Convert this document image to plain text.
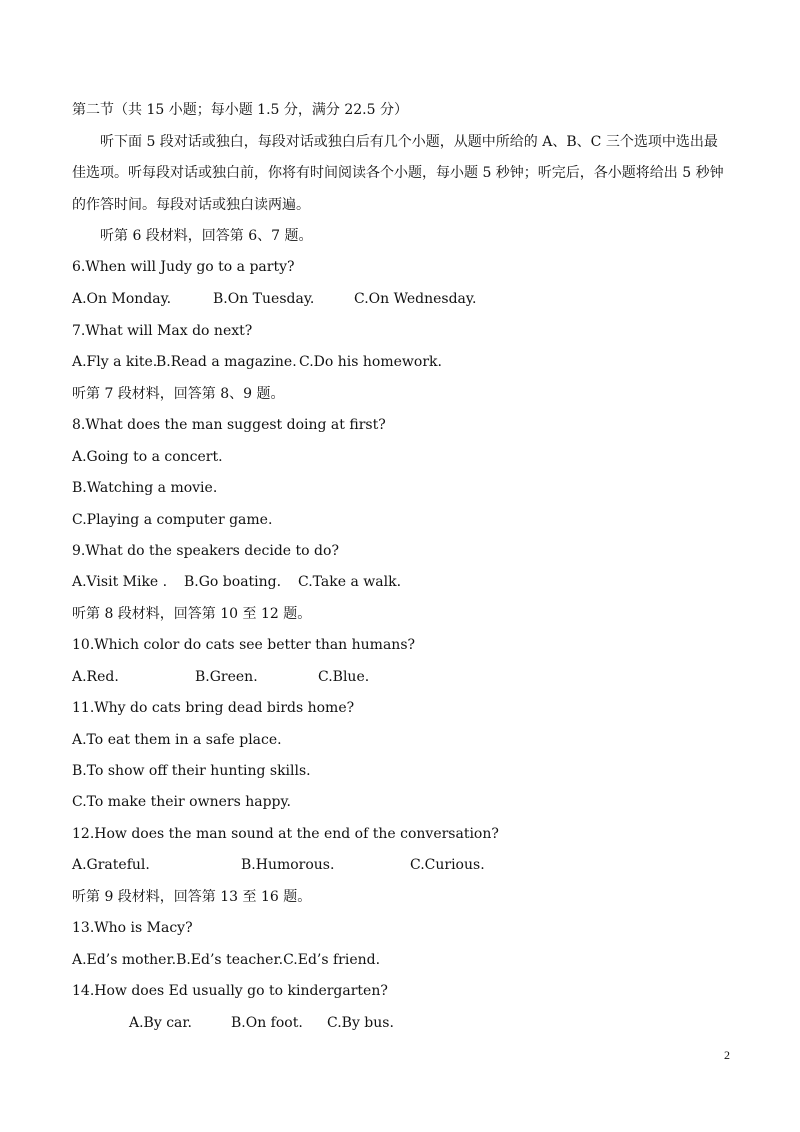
第二节（共 15 小题；每小题 1.5 分，满分 22.5 分）
听下面 5 段对话或独白，每段对话或独白后有几个小题，从题中所给的 A、B、C 三个选项中选出最
佳选项。听每段对话或独白前，你将有时间阅读各个小题，每小题 5 秒钟；听完后，各小题将给出 5 秒钟
的作答时间。每段对话或独白读两遍。
听第 6 段材料，回答第 6、7 题。
6.When will Judy go to a party?
A.On Monday.	B.On Tuesday.	C.On Wednesday.
7.What will Max do next?
A.Fly a kite.
B.Read a magazine. C.Do his homework.
听第 7 段材料，回答第 8、9 题。
8.What does the man suggest doing at first?
A.Going to a concert.
B.Watching a movie.
C.Playing a computer game.
9.What do the speakers decide to do?
A.Visit Mike . B.Go boating. C.Take a walk.
听第 8 段材料，回答第 10 至 12 题。
10.Which color do cats see better than humans?
A.Red.	B.Green.	C.Blue.
11.Why do cats bring dead birds home?
A.To eat them in a safe place.
B.To show off their hunting skills.
C.To make their owners happy.
12.How does the man sound at the end of the conversation?
A.Grateful.	B.Humorous.	C.Curious.
听第 9 段材料，回答第 13 至 16 题。
13.Who is Macy?
A.Ed’s mother.B.Ed’s teacher.C.Ed’s friend.
14.How does Ed usually go to kindergarten?
A.By car.	B.On foot. C.By bus.
2
